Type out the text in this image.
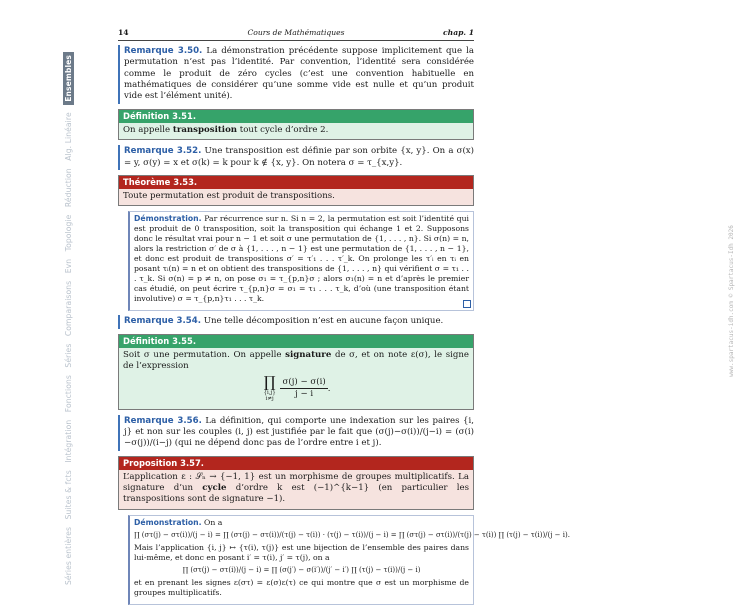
Séries entières Suites & fcts Intégration Fonctions Séries Comparaisons Evn Topologie Réduction Alg. Linéaire Ensembles
www.spartacus-idh.com © Spartacus-Idh 2026
14	Cours de Mathématiques	chap. 1
Remarque 3.50. La démonstration précédente suppose implicitement que la permutation n’est pas l’identité. Par convention, l’identité sera considérée comme le produit de zéro cycles (c’est une convention habituelle en mathématiques de considérer qu’une somme vide est nulle et qu’un produit vide est l’élément unité).
Définition 3.51.
On appelle transposition tout cycle d’ordre 2.
Remarque 3.52. Une transposition est définie par son orbite {x, y}. On a σ(x) = y, σ(y) = x et σ(k) = k pour k ∉ {x, y}. On notera σ = τ_{x,y}.
Théorème 3.53.
Toute permutation est produit de transpositions.
Démonstration. Par récurrence sur n. Si n = 2, la permutation est soit l’identité qui est produit de 0 transposition, soit la transposition qui échange 1 et 2. Supposons donc le résultat vrai pour n − 1 et soit σ une permutation de {1, . . . , n}. Si σ(n) = n, alors la restriction σ′ de σ à {1, . . . , n − 1} est une permutation de {1, . . . , n − 1}, et donc est produit de transpositions σ′ = τ′₁ . . . τ′_k. On prolonge les τ′ᵢ en τᵢ en posant τᵢ(n) = n et on obtient des transpositions de {1, . . . , n} qui vérifient σ = τ₁ . . . τ_k. Si σ(n) = p ≠ n, on pose σ₁ = τ_{p,n}σ ; alors σ₁(n) = n et d’après le premier cas étudié, on peut écrire τ_{p,n}σ = σ₁ = τ₁ . . . τ_k, d’où (une transposition étant involutive) σ = τ_{p,n}τ₁ . . . τ_k.
Remarque 3.54. Une telle décomposition n’est en aucune façon unique.
Définition 3.55.
Soit σ une permutation. On appelle signature de σ, et on note ε(σ), le signe de l’expression
∏
{i,j}
i≠j
$\frac{\sigma(j) - \sigma(i)}{j - i}$ .
Remarque 3.56. La définition, qui comporte une indexation sur les paires {i, j} et non sur les couples (i, j) est justifiée par le fait que (σ(j)−σ(i))/(j−i) = (σ(i)−σ(j))/(i−j) (qui ne dépend donc pas de l’ordre entre i et j).
Proposition 3.57.
L’application ε : 𝒮ₙ → {−1, 1} est un morphisme de groupes multiplicatifs. La signature d’un cycle d’ordre k est (−1)^{k−1} (en particulier les transpositions sont de signature −1).
Démonstration. On a
∏ (στ(j) − στ(i))/(j − i) = ∏ (στ(j) − στ(i))/(τ(j) − τ(i)) · (τ(j) − τ(i))/(j − i) = ∏ (στ(j) − στ(i))/(τ(j) − τ(i)) ∏ (τ(j) − τ(i))/(j − i).
Mais l’application {i, j} ↦ {τ(i), τ(j)} est une bijection de l’ensemble des paires dans lui-même, et donc en posant i′ = τ(i), j′ = τ(j), on a
∏ (στ(j) − στ(i))/(j − i) = ∏ (σ(j′) − σ(i′))/(j′ − i′) ∏ (τ(j) − τ(i))/(j − i)
et en prenant les signes ε(στ) = ε(σ)ε(τ) ce qui montre que σ est un morphisme de groupes multiplicatifs.
